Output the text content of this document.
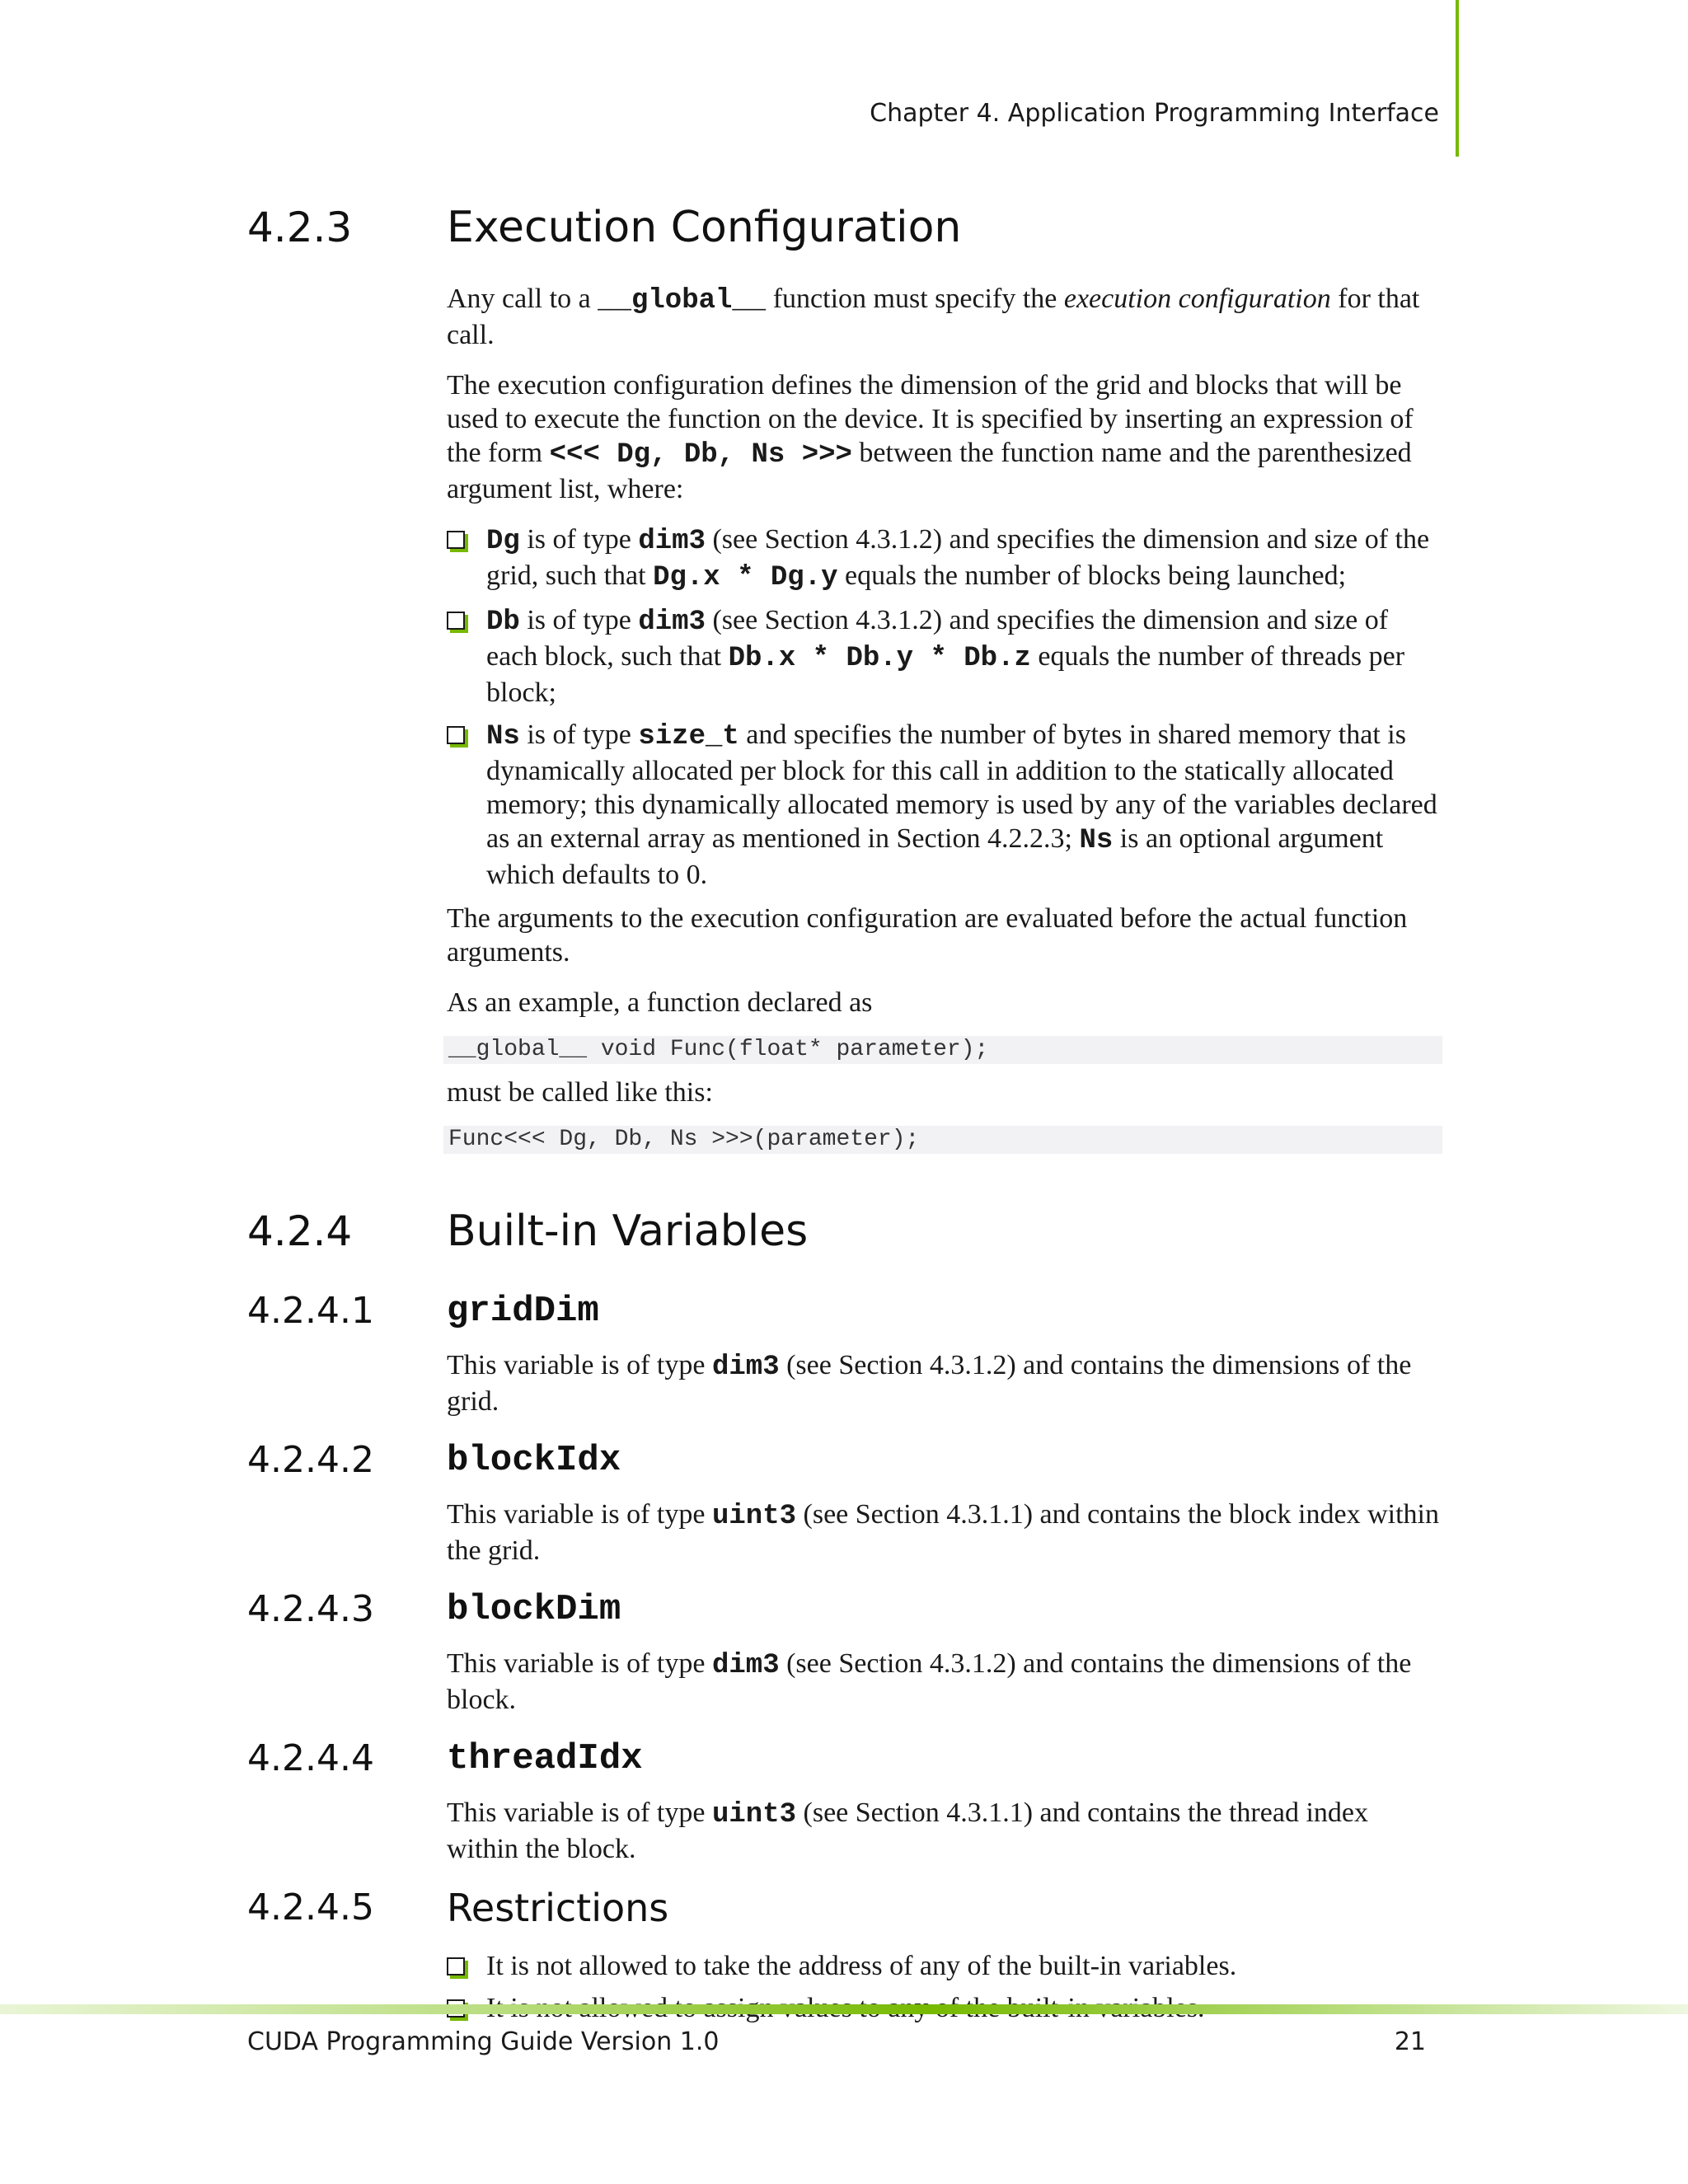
Chapter 4. Application Programming Interface
4.2.3 Execution Configuration

Any call to a __global__ function must specify the execution configuration for that call.

The execution configuration defines the dimension of the grid and blocks that will be used to execute the function on the device. It is specified by inserting an expression of the form <<< Dg, Db, Ns >>> between the function name and the parenthesized argument list, where:

Dg is of type dim3 (see Section 4.3.1.2) and specifies the dimension and size of the grid, such that Dg.x * Dg.y equals the number of blocks being launched;
Db is of type dim3 (see Section 4.3.1.2) and specifies the dimension and size of each block, such that Db.x * Db.y * Db.z equals the number of threads per block;
Ns is of type size_t and specifies the number of bytes in shared memory that is dynamically allocated per block for this call in addition to the statically allocated memory; this dynamically allocated memory is used by any of the variables declared as an external array as mentioned in Section 4.2.2.3; Ns is an optional argument which defaults to 0.

The arguments to the execution configuration are evaluated before the actual function arguments.

As an example, a function declared as

__global__ void Func(float* parameter);

must be called like this:

Func<<< Dg, Db, Ns >>>(parameter);
4.2.4 Built-in Variables
4.2.4.1 gridDim

This variable is of type dim3 (see Section 4.3.1.2) and contains the dimensions of the grid.

4.2.4.2 blockIdx

This variable is of type uint3 (see Section 4.3.1.1) and contains the block index within the grid.

4.2.4.3 blockDim

This variable is of type dim3 (see Section 4.3.1.2) and contains the dimensions of the block.

4.2.4.4 threadIdx

This variable is of type uint3 (see Section 4.3.1.1) and contains the thread index within the block.

4.2.4.5 Restrictions
It is not allowed to take the address of any of the built-in variables.
CUDA Programming Guide Version 1.0	21
